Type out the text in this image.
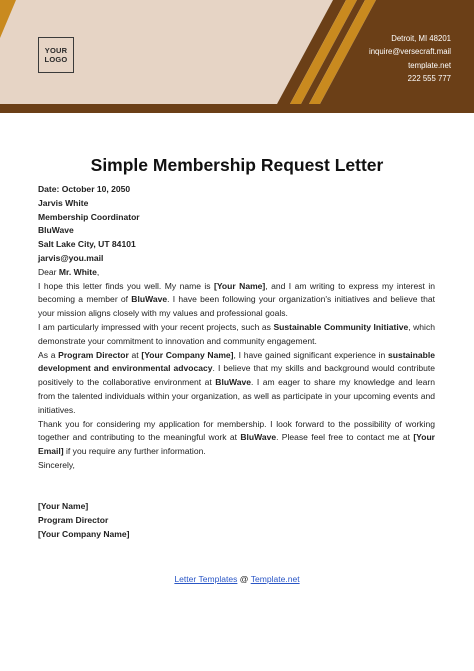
YOUR
LOGO
Detroit, MI 48201
inquire@versecraft.mail
template.net
222 555 777
Simple Membership Request Letter

Date: October 10, 2050

Jarvis White

Membership Coordinator

BluWave

Salt Lake City, UT 84101

jarvis@you.mail

Dear Mr. White,

I hope this letter finds you well. My name is [Your Name], and I am writing to express my interest in becoming a member of BluWave. I have been following your organization's initiatives and believe that your mission aligns closely with my values and professional goals.

I am particularly impressed with your recent projects, such as Sustainable Community Initiative, which demonstrate your commitment to innovation and community engagement.

As a Program Director at [Your Company Name], I have gained significant experience in sustainable development and environmental advocacy. I believe that my skills and background would contribute positively to the collaborative environment at BluWave. I am eager to share my knowledge and learn from the talented individuals within your organization, as well as participate in your upcoming events and initiatives.

Thank you for considering my application for membership. I look forward to the possibility of working together and contributing to the meaningful work at BluWave. Please feel free to contact me at [Your Email] if you require any further information.

Sincerely,

[Your Name]

Program Director

[Your Company Name]

Letter Templates @ Template.net
